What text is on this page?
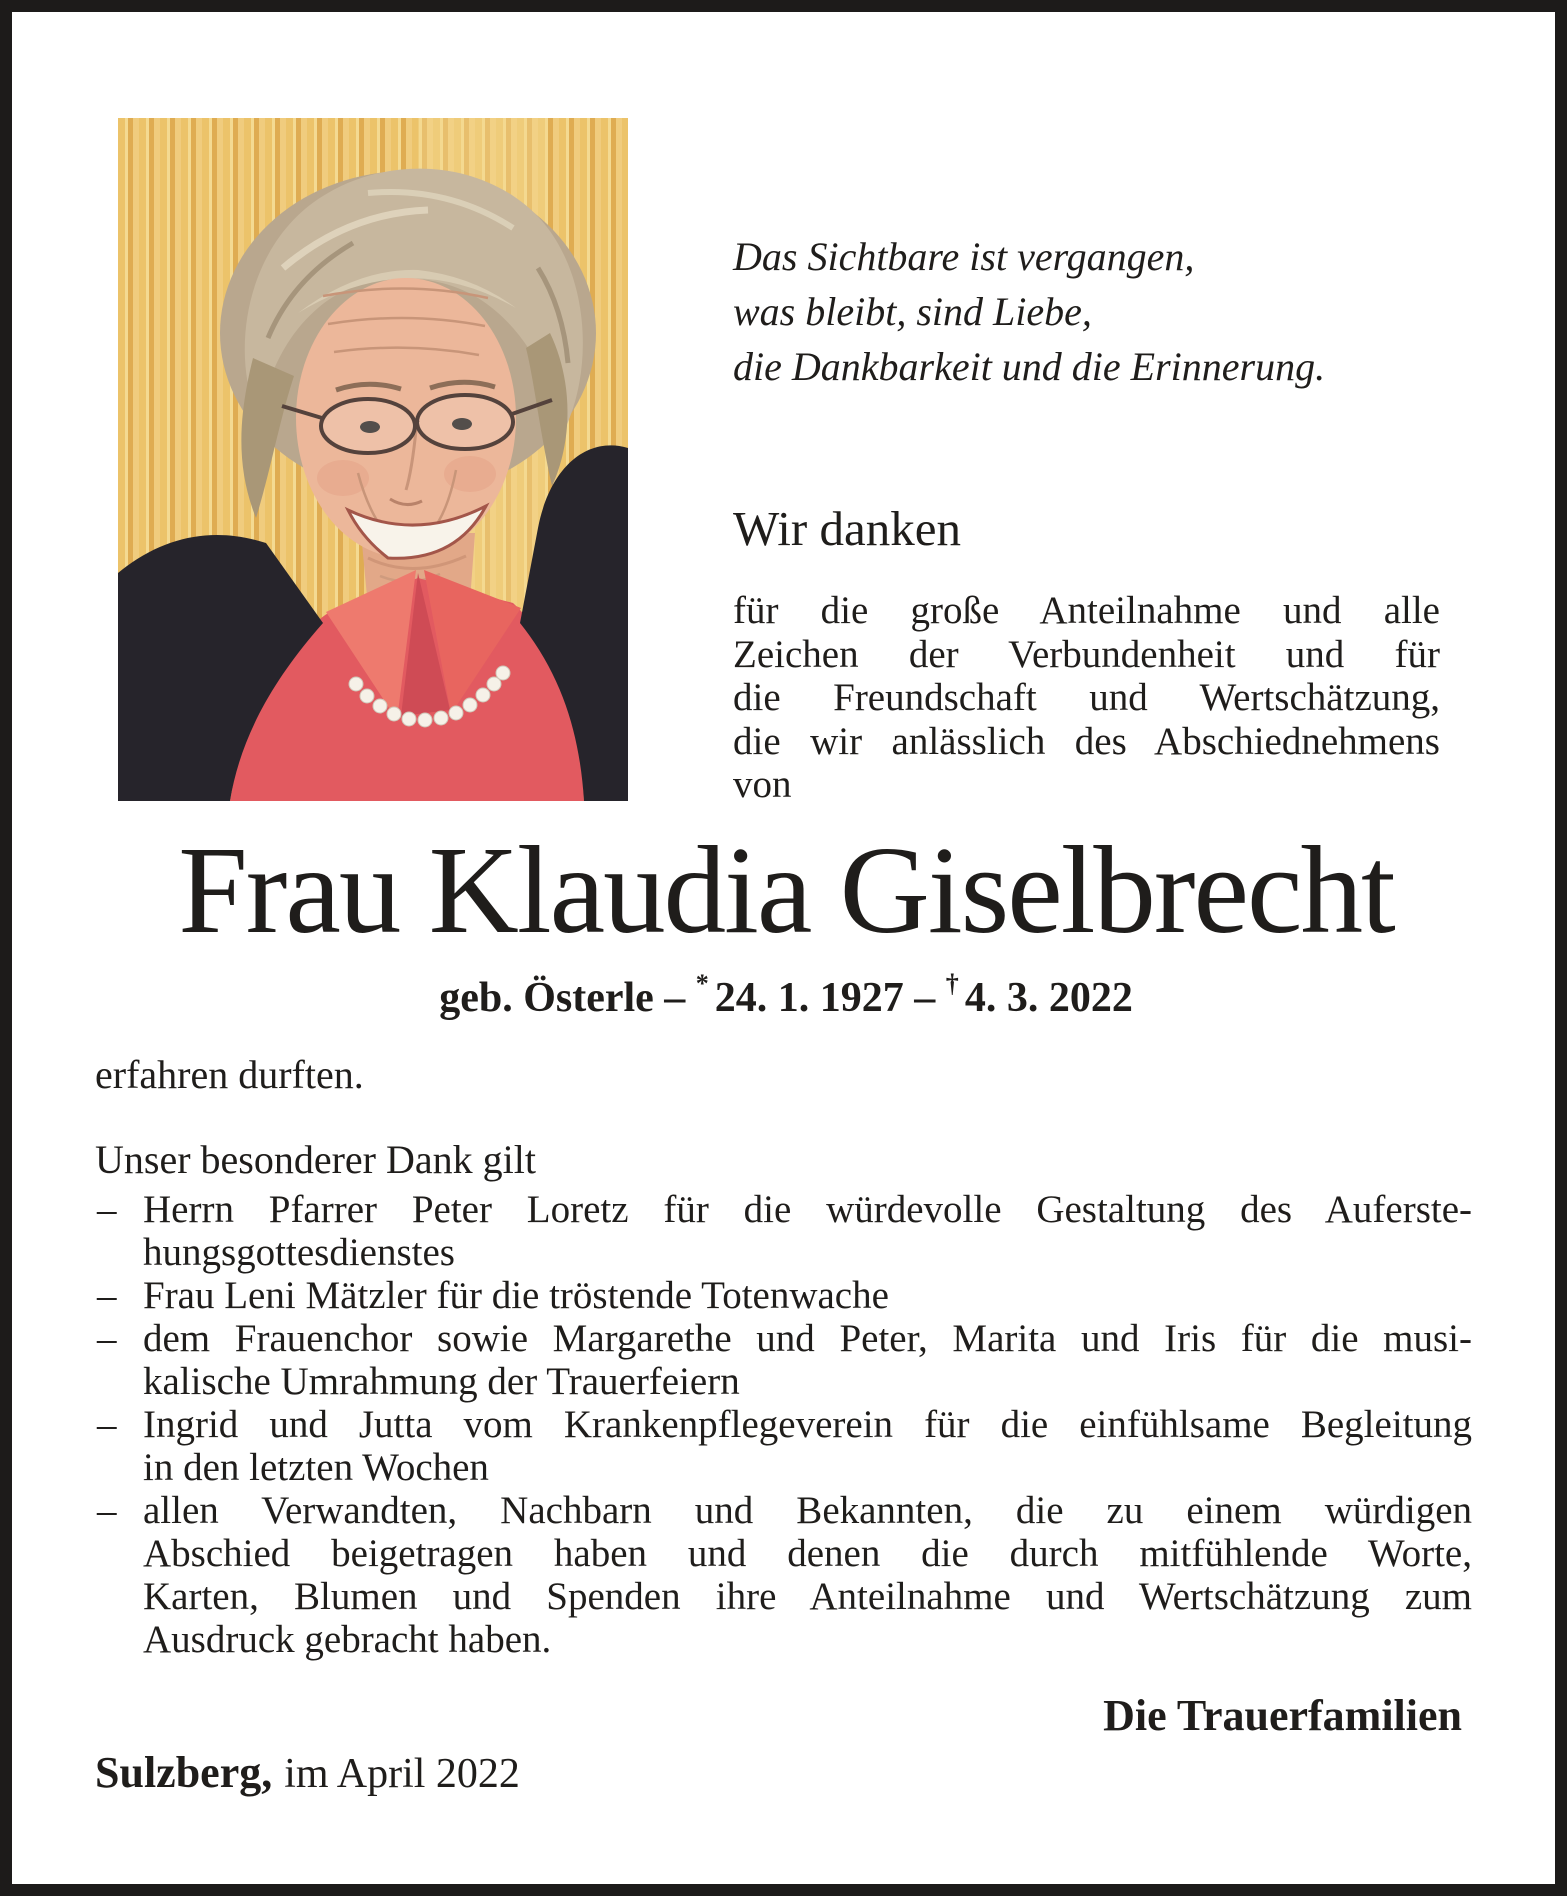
Das Sichtbare ist vergangen,
was bleibt, sind Liebe,
die Dankbarkeit und die Erinnerung.
Wir danken
für die große Anteilnahme und alle
Zeichen der Verbundenheit und für
die Freundschaft und Wertschätzung,
die wir anlässlich des Abschiednehmens
von
Frau Klaudia Giselbrecht
geb. Österle – * 24. 1. 1927 – † 4. 3. 2022
erfahren durften.
Unser besonderer Dank gilt
– Herrn Pfarrer Peter Loretz für die würdevolle Gestaltung des Auferste-
hungsgottesdienstes
– Frau Leni Mätzler für die tröstende Totenwache
– dem Frauenchor sowie Margarethe und Peter, Marita und Iris für die musi-
kalische Umrahmung der Trauerfeiern
– Ingrid und Jutta vom Krankenpflegeverein für die einfühlsame Begleitung
in den letzten Wochen
– allen Verwandten, Nachbarn und Bekannten, die zu einem würdigen
Abschied beigetragen haben und denen die durch mitfühlende Worte,
Karten, Blumen und Spenden ihre Anteilnahme und Wertschätzung zum
Ausdruck gebracht haben.
Die Trauerfamilien
Sulzberg, im April 2022
